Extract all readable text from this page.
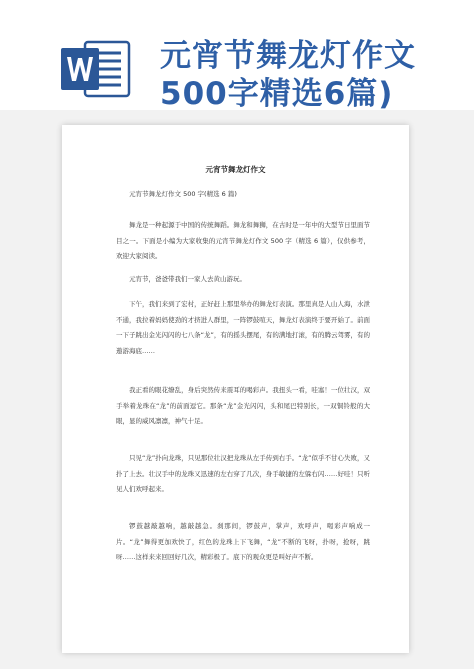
元宵节舞龙灯作文
500字精选6篇)
元宵节舞龙灯作文
元宵节舞龙灯作文 500 字(精选 6 篇)
舞龙是一种起源于中国的传统舞蹈。舞龙和舞狮，在古时是一年中的大型节日里面节目之一。下面是小编为大家收集的元宵节舞龙灯作文 500 字（精选 6 篇），仅供参考，欢迎大家阅读。
元宵节，爸爸带我们一家人去黄山游玩。
下午，我们来到了宏村，正好赶上那里举办的舞龙灯表演。那里真是人山人海，水泄不通，我拉着妈妈使劲的才挤进人群里，一阵锣鼓喧天，舞龙灯表演终于要开始了。前面一下子跳出金光闪闪的七八条“龙”，有的摇头摆尾，有的满地打滚，有的腾云驾雾，有的遨游海底……
我正看的眼花缭乱，身后突然传来震耳的喝彩声。我扭头一看，哇塞！一位壮汉，双手举着龙珠在“龙”的前面逗它。那条“龙”金光闪闪，头和尾巴特别长，一双铜铃般的大眼，显的威风凛凛，神气十足。
只见“龙”扑向龙珠，只见那位壮汉把龙珠从左手传到右手。“龙”似乎不甘心失败，又扑了上去。壮汉手中的龙珠又迅速的左右穿了几次，身手敏捷的左躲右闪……好哇！只听见人们欢呼起来。
锣鼓越敲越响，越敲越急。刹那间，锣鼓声，掌声，欢呼声，喝彩声响成一片。“龙”舞得更加欢快了，红色的龙珠上下飞舞，“龙”不断的飞呀，扑呀，抢呀，跳呀……这样来来回回好几次，精彩极了。底下的观众更是叫好声不断。
